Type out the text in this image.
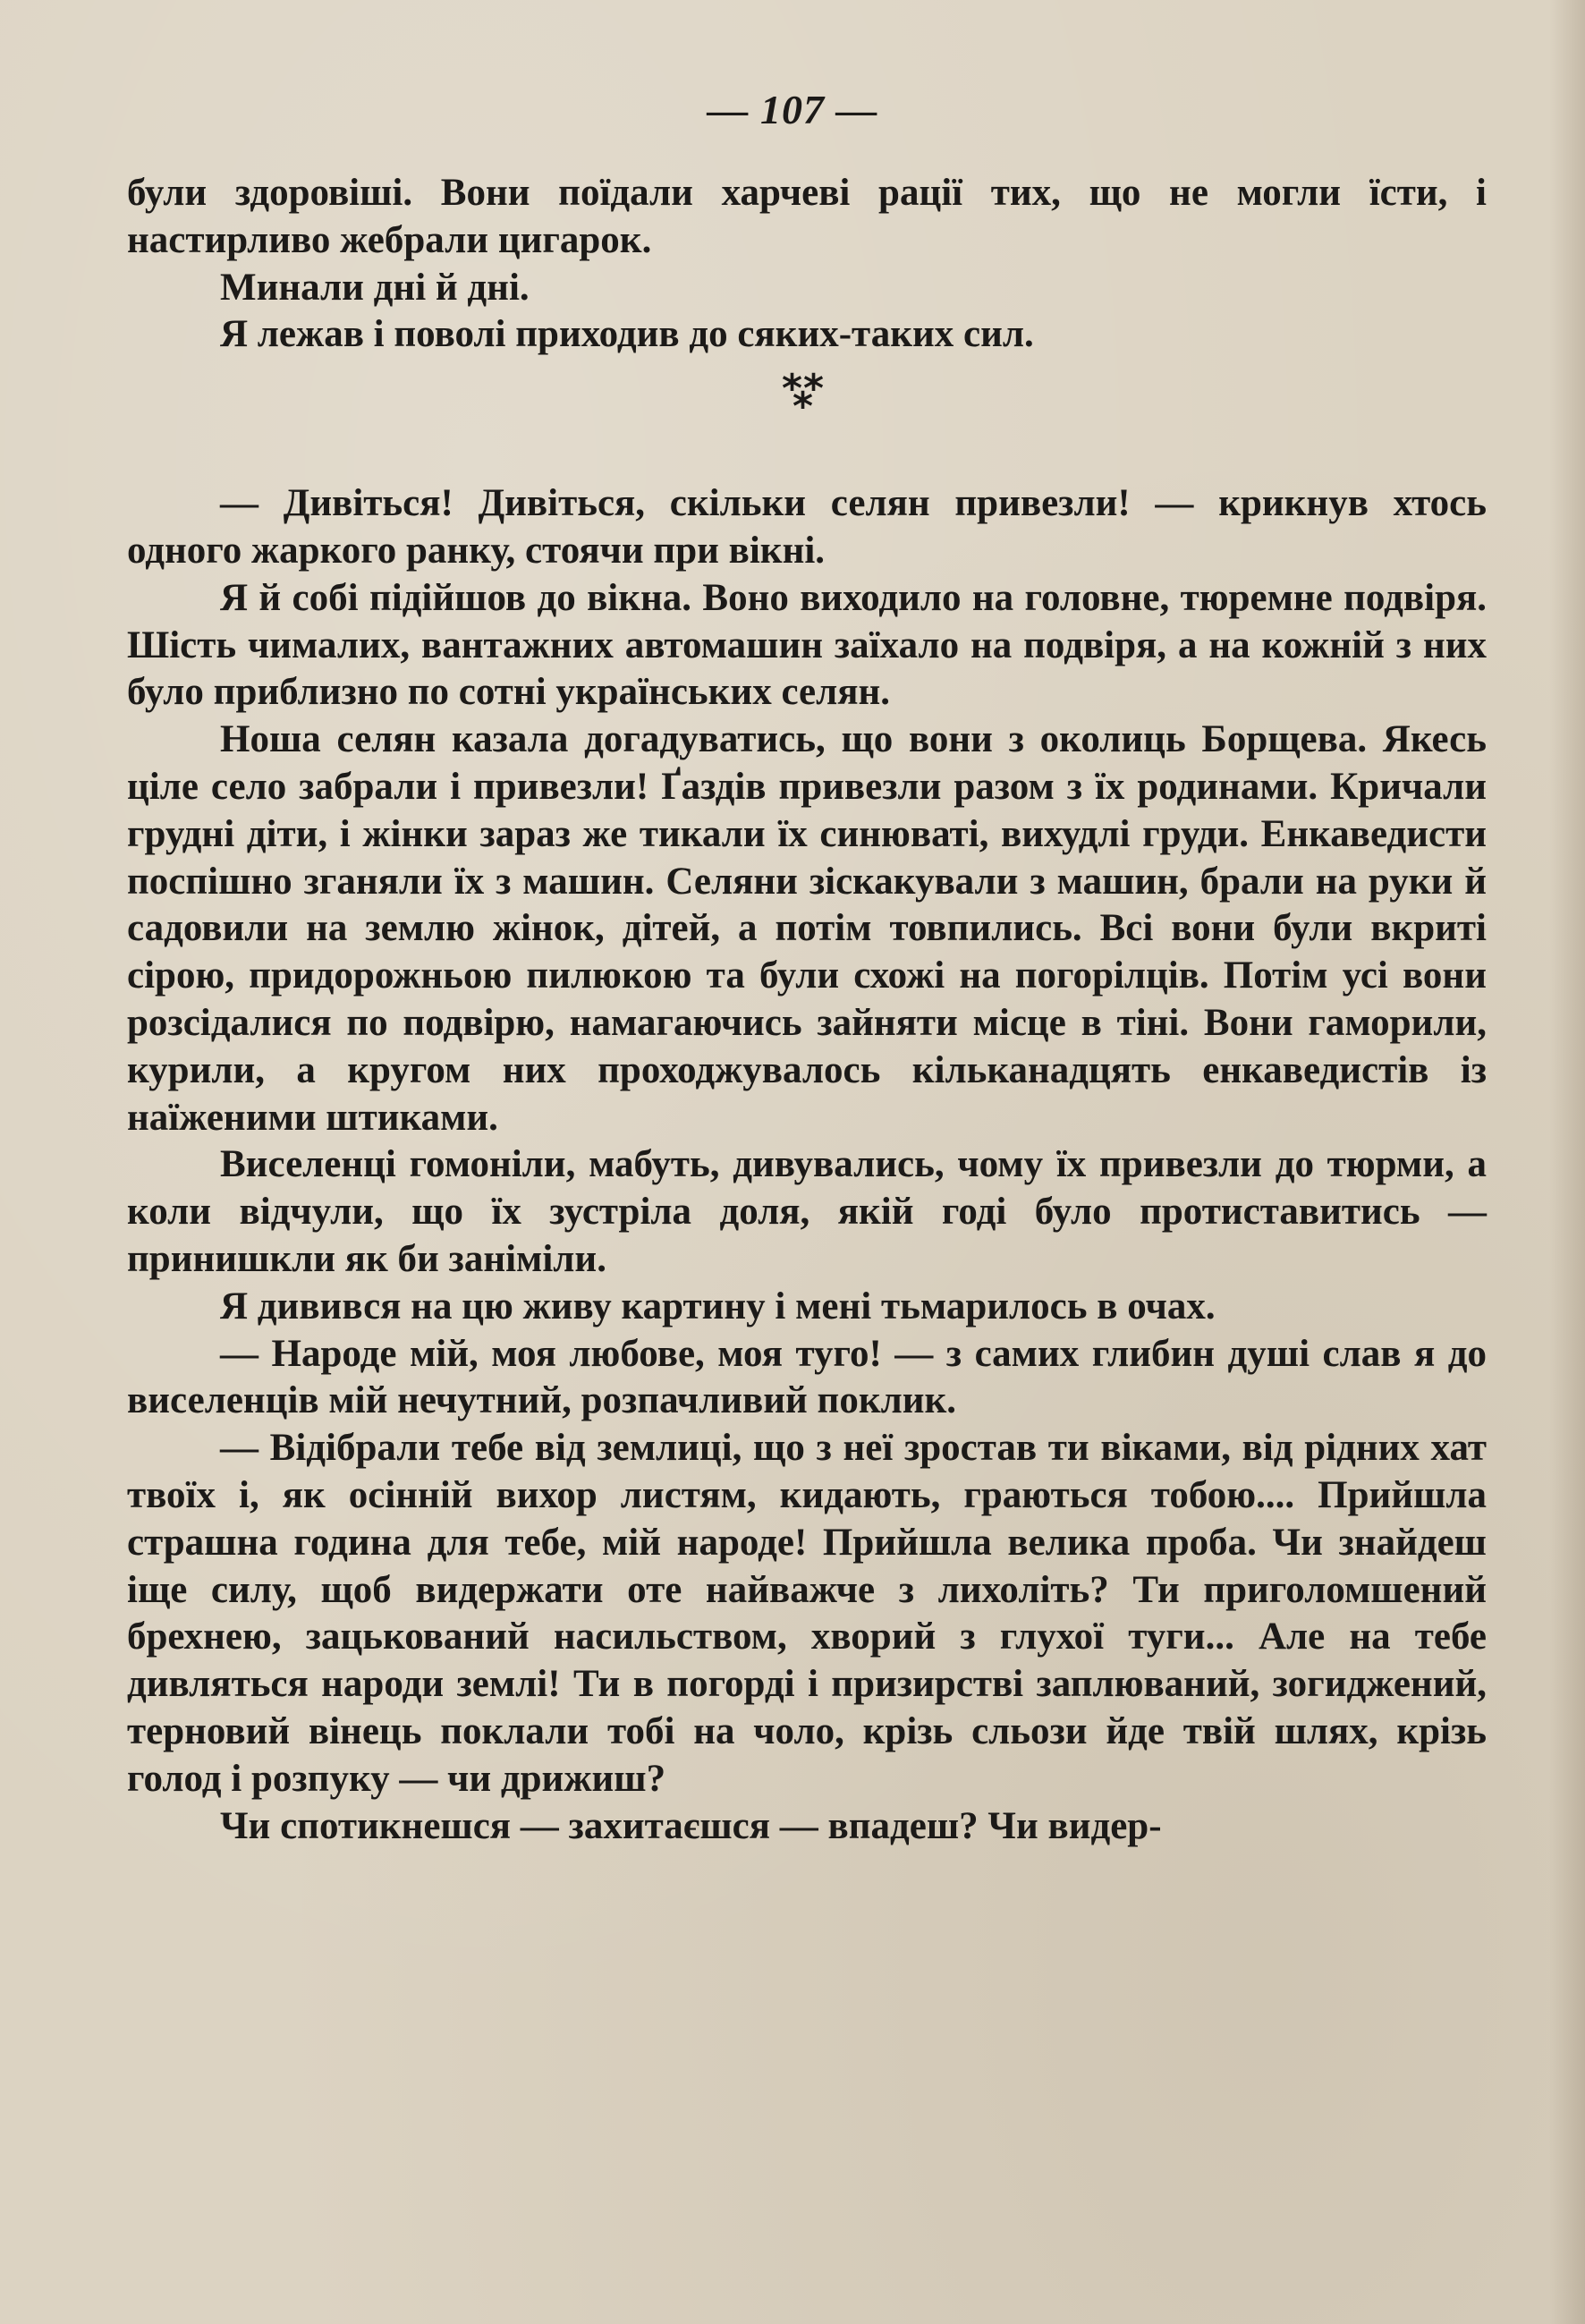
— 107 —

були здоровіші. Вони поїдали харчеві раціï тих, що не могли їсти, і настирливо жебрали цигарок.

Минали дні й дні.

Я лежав і поволі приходив до сяких-таких сил.

* *
*

— Дивіться! Дивіться, скільки селян привезли! — крикнув хтось одного жаркого ранку, стоячи при вікні.

Я й собі підійшов до вікна. Воно виходило на головне, тюремне подвіря. Шість чималих, вантажних автомашин заїхало на подвіря, а на кожній з них було приблизно по сотні українських селян.

Ноша селян казала догадуватись, що вони з околиць Борщева. Якесь ціле село забрали і привезли! Ґаздів привезли разом з їх родинами. Кричали грудні діти, і жінки зараз же тикали їх синюваті, вихудлі груди. Енкаведисти поспішно зганяли їх з машин. Селяни зіскакували з машин, брали на руки й садовили на землю жінок, дітей, а потім товпились. Всі вони були вкриті сірою, придорожньою пилюкою та були схожі на погорілців. Потім усі вони розсідалися по подвірю, намагаючись зайняти місце в тіні. Вони гаморили, курили, а кругом них проходжувалось кільканадцять енкаведистів із наїженими штиками.

Виселенці гомоніли, мабуть, дивувались, чому їх привезли до тюрми, а коли відчули, що їх зустріла доля, якій годі було протиставитись — принишкли як би заніміли.

Я дивився на цю живу картину і мені тьмарилось в очах.

— Народе мій, моя любове, моя туго! — з самих глибин душі слав я до виселенців мій нечутний, розпачливий поклик.

— Відібрали тебе від землиці, що з неї зростав ти віками, від рідних хат твоїх і, як осінній вихор листям, кидають, граються тобою.... Прийшла страшна година для тебе, мій народе! Прийшла велика проба. Чи знайдеш іще силу, щоб видержати оте найважче з лихоліть? Ти приголомшений брехнею, зацькований насильством, хворий з глухої туги... Але на тебе дивляться народи землі! Ти в погорді і призирстві заплюваний, зогиджений, терновий вінець поклали тобі на чоло, крізь сльози йде твій шлях, крізь голод і розпуку — чи дрижиш?

Чи спотикнешся — захитаєшся — впадеш? Чи видер-
